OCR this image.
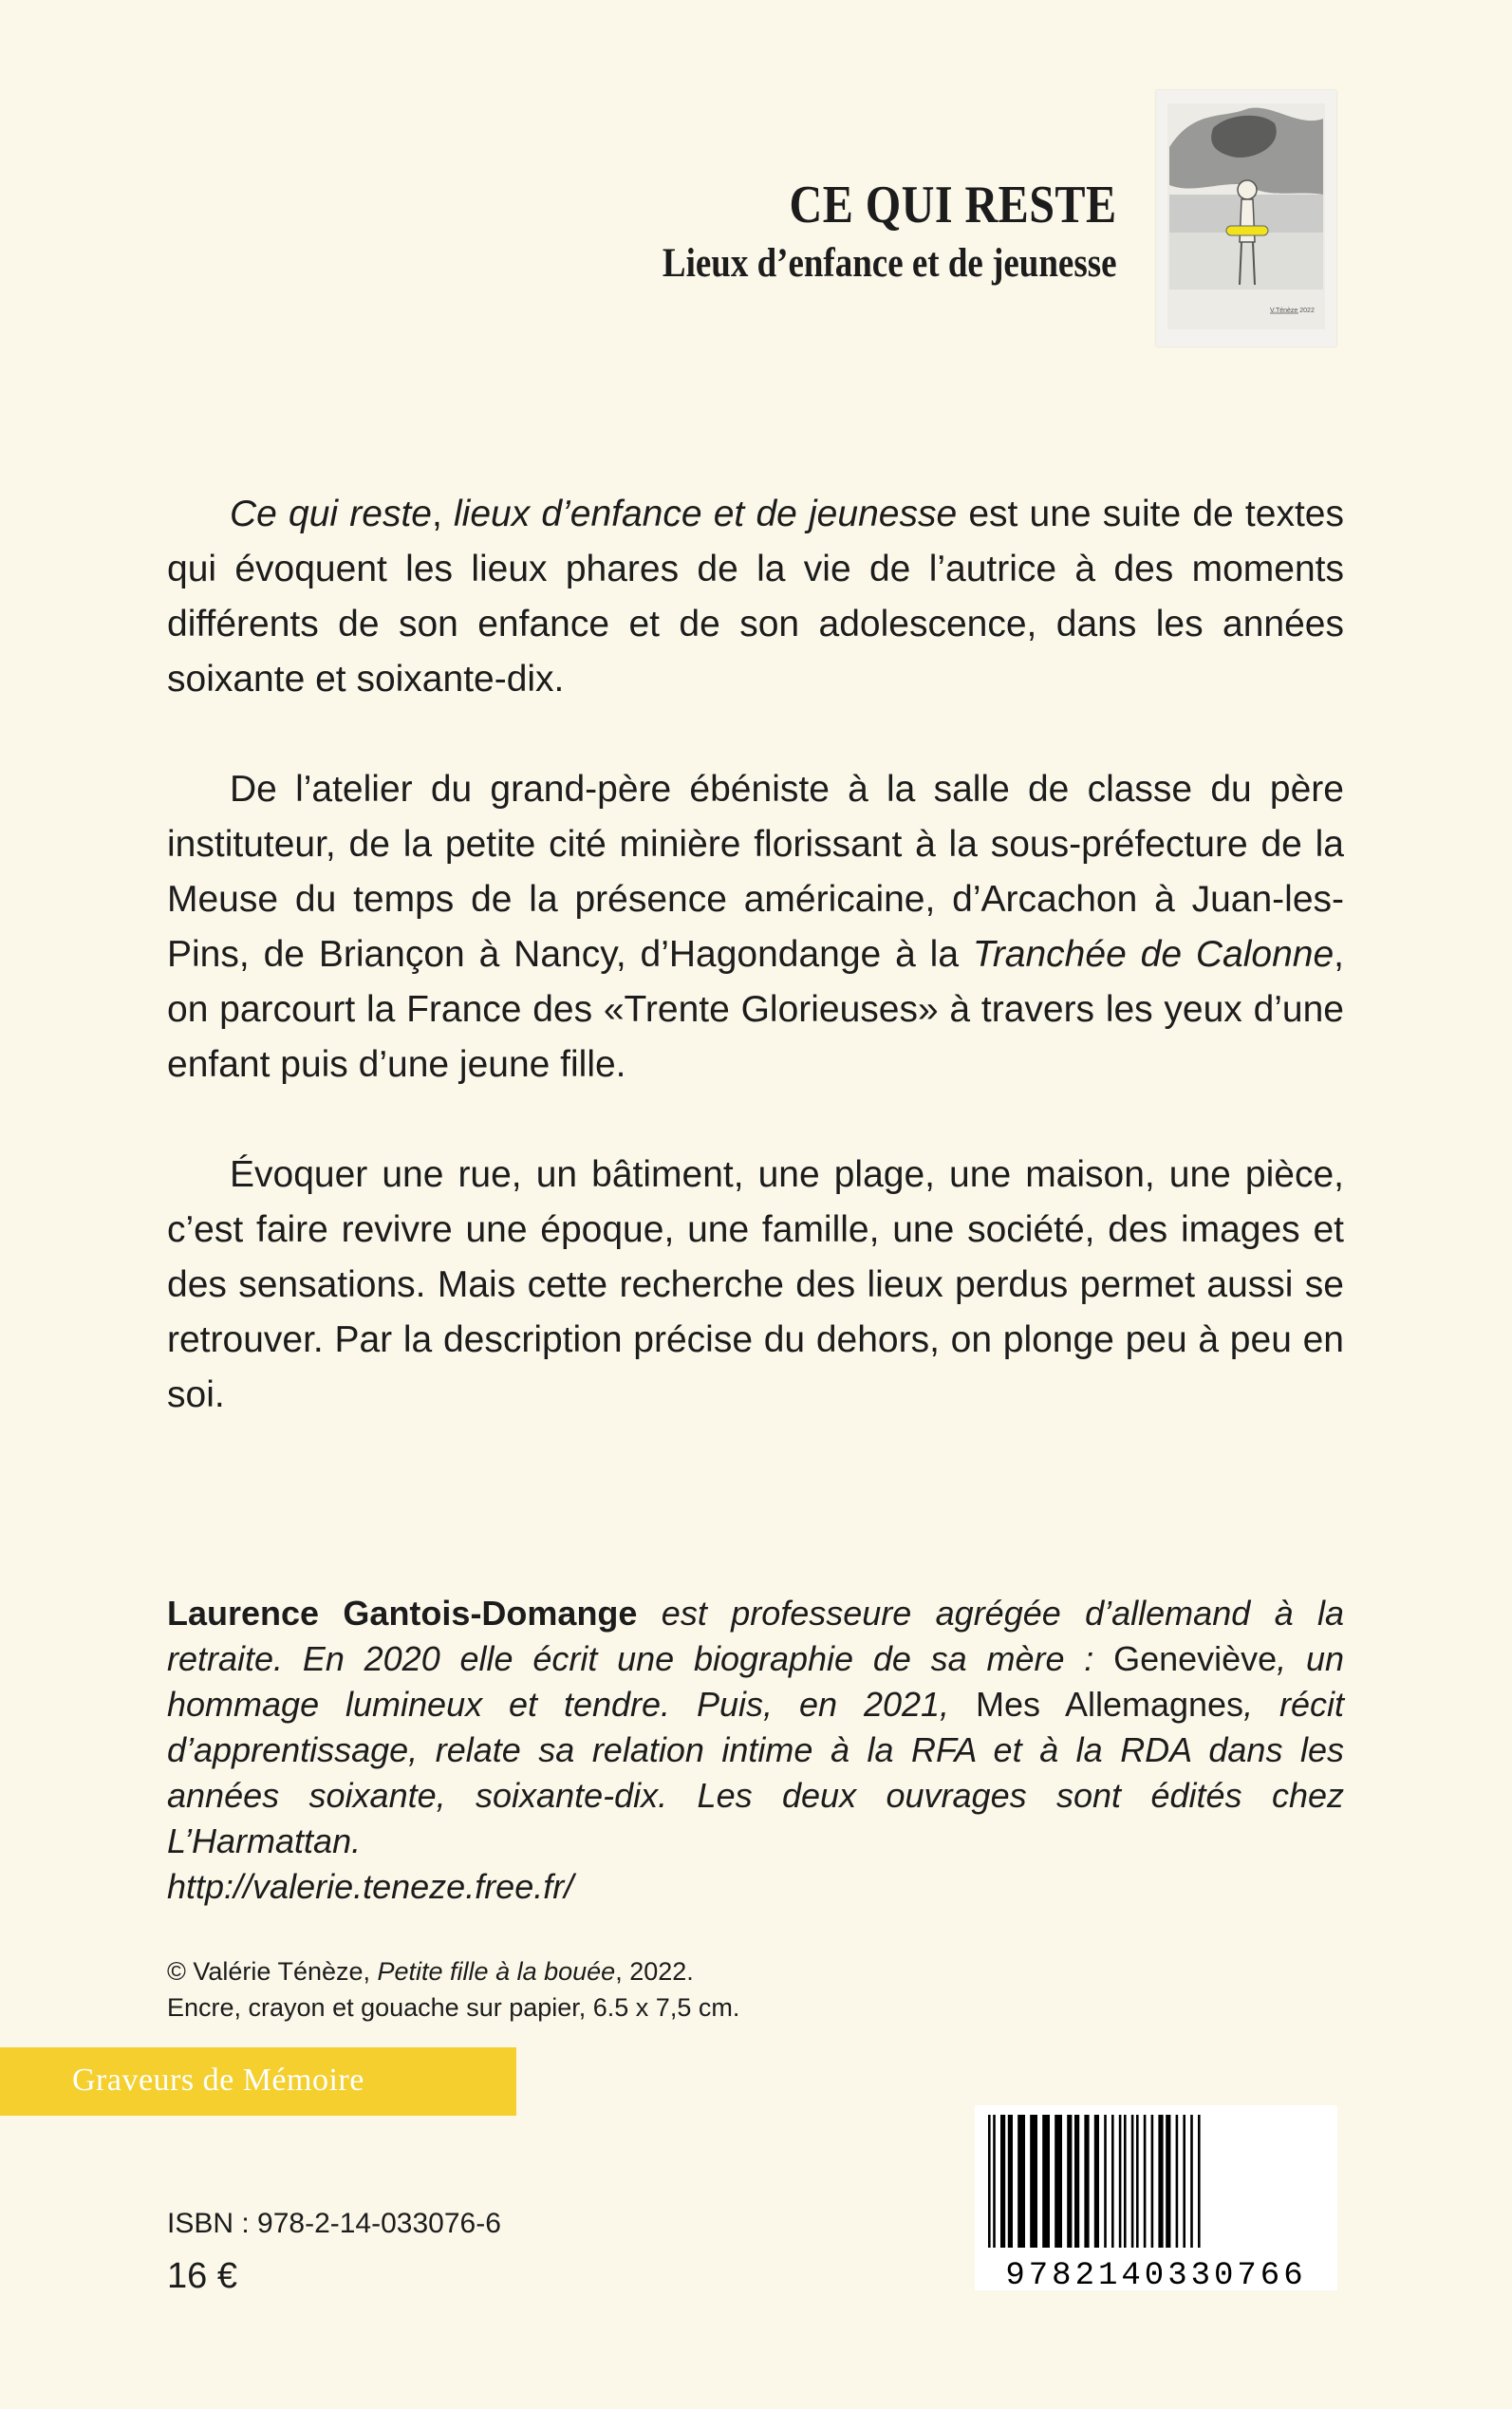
CE QUI RESTE
Lieux d’enfance et de jeunesse
V.Ténèze 2022

Ce qui reste, lieux d’enfance et de jeunesse est une suite de textes qui évoquent les lieux phares de la vie de l’autrice à des moments différents de son enfance et de son adolescence, dans les années soixante et soixante-dix.

De l’atelier du grand-père ébéniste à la salle de classe du père instituteur, de la petite cité minière florissant à la sous-préfecture de la Meuse du temps de la présence américaine, d’Arcachon à Juan-les-Pins, de Briançon à Nancy, d’Hagondange à la Tranchée de Calonne, on parcourt la France des «Trente Glorieuses» à travers les yeux d’une enfant puis d’une jeune fille.

Évoquer une rue, un bâtiment, une plage, une maison, une pièce, c’est faire revivre une époque, une famille, une société, des images et des sensations. Mais cette recherche des lieux perdus permet aussi se retrouver. Par la description précise du dehors, on plonge peu à peu en soi.

Laurence Gantois-Domange est professeure agrégée d’allemand à la retraite. En 2020 elle écrit une biographie de sa mère : Geneviève, un hommage lumineux et tendre. Puis, en 2021, Mes Allemagnes, récit d’apprentissage, relate sa relation intime à la RFA et à la RDA dans les années soixante, soixante-dix. Les deux ouvrages sont édités chez L’Harmattan.
http://valerie.teneze.free.fr/

© Valérie Ténèze, Petite fille à la bouée, 2022.
Encre, crayon et gouache sur papier, 6.5 x 7,5 cm.

Graveurs de Mémoire
ISBN : 978-2-14-033076-6
16 €	9782140330766
